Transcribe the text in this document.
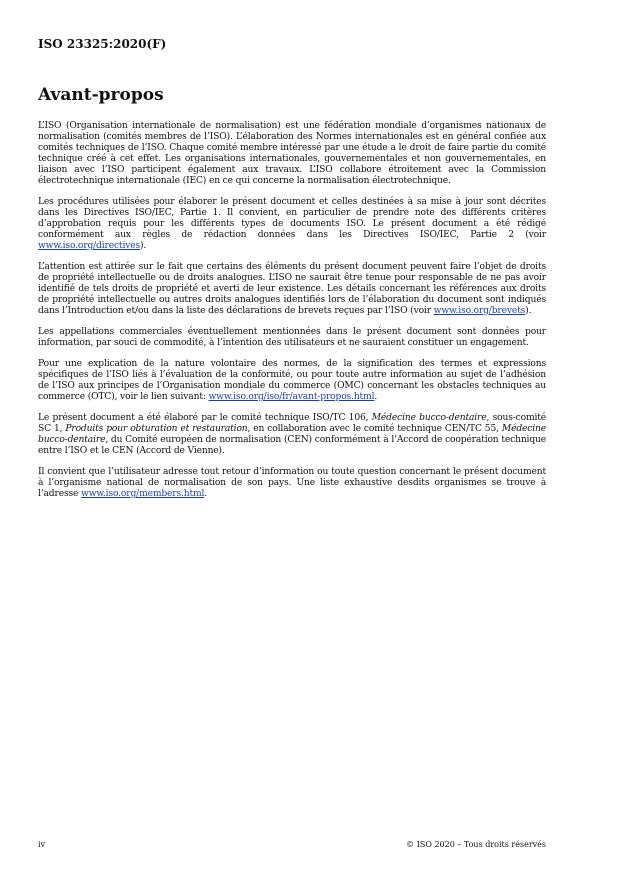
ISO 23325:2020(F)
Avant-propos

L’ISO (Organisation internationale de normalisation) est une fédération mondiale d’organismes nationaux de normalisation (comités membres de l’ISO). L’élaboration des Normes internationales est en général confiée aux comités techniques de l’ISO. Chaque comité membre intéressé par une étude a le droit de faire partie du comité technique créé à cet effet. Les organisations internationales, gouvernementales et non gouvernementales, en liaison avec l’ISO participent également aux travaux. L’ISO collabore étroitement avec la Commission électrotechnique internationale (IEC) en ce qui concerne la normalisation électrotechnique.

Les procédures utilisées pour élaborer le présent document et celles destinées à sa mise à jour sont décrites dans les Directives ISO/IEC, Partie 1. Il convient, en particulier de prendre note des différents critères d’approbation requis pour les différents types de documents ISO. Le présent document a été rédigé conformément aux règles de rédaction données dans les Directives ISO/IEC, Partie 2 (voir www.iso.org/directives).

L’attention est attirée sur le fait que certains des éléments du présent document peuvent faire l’objet de droits de propriété intellectuelle ou de droits analogues. L’ISO ne saurait être tenue pour responsable de ne pas avoir identifié de tels droits de propriété et averti de leur existence. Les détails concernant les références aux droits de propriété intellectuelle ou autres droits analogues identifiés lors de l’élaboration du document sont indiqués dans l’Introduction et/ou dans la liste des déclarations de brevets reçues par l’ISO (voir www.iso.org/brevets).

Les appellations commerciales éventuellement mentionnées dans le présent document sont données pour information, par souci de commodité, à l’intention des utilisateurs et ne sauraient constituer un engagement.

Pour une explication de la nature volontaire des normes, de la signification des termes et expressions spécifiques de l’ISO liés à l’évaluation de la conformité, ou pour toute autre information au sujet de l’adhésion de l’ISO aux principes de l’Organisation mondiale du commerce (OMC) concernant les obstacles techniques au commerce (OTC), voir le lien suivant: www.iso.org/iso/fr/avant-propos.html.

Le présent document a été élaboré par le comité technique ISO/TC 106, Médecine bucco-dentaire, sous-comité SC 1, Produits pour obturation et restauration, en collaboration avec le comité technique CEN/TC 55, Médecine bucco-dentaire, du Comité européen de normalisation (CEN) conformément à l’Accord de coopération technique entre l’ISO et le CEN (Accord de Vienne).

Il convient que l’utilisateur adresse tout retour d’information ou toute question concernant le présent document à l’organisme national de normalisation de son pays. Une liste exhaustive desdits organismes se trouve à l’adresse www.iso.org/members.html.

iv	© ISO 2020 – Tous droits réservés
